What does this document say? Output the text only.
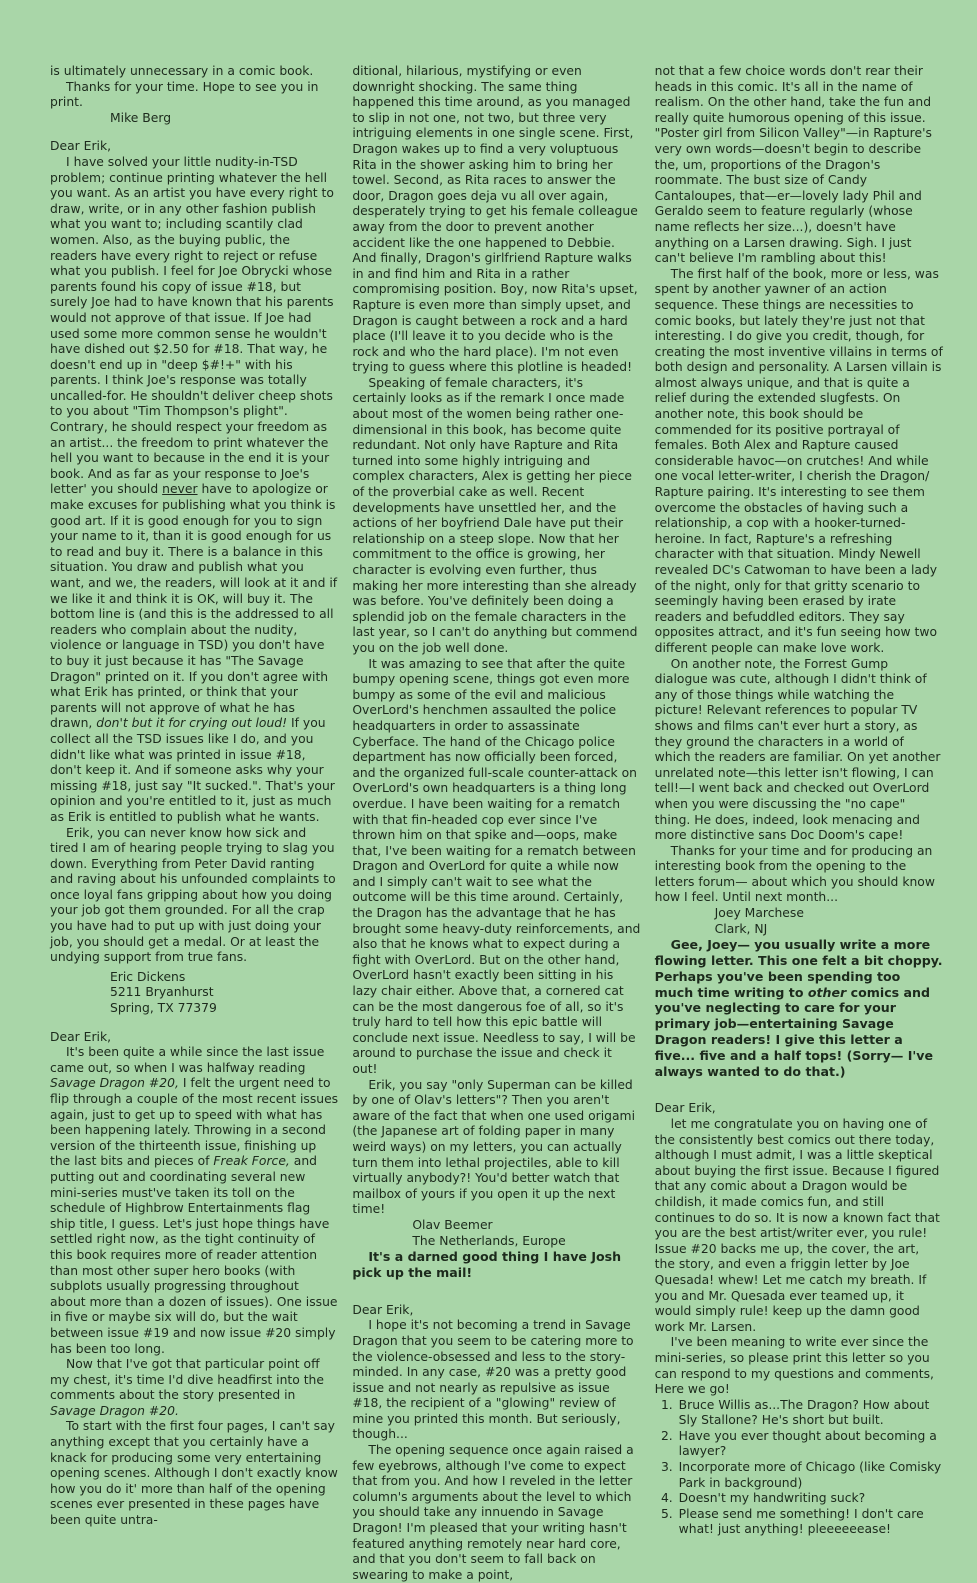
is ultimately unnecessary in a comic book.

Thanks for your time. Hope to see you in print.

Mike Berg

Dear Erik,

I have solved your little nudity-in-TSD problem; continue printing whatever the hell you want. As an artist you have every right to draw, write, or in any other fashion publish what you want to; including scantily clad women. Also, as the buying public, the readers have every right to reject or refuse what you publish. I feel for Joe Obrycki whose parents found his copy of issue #18, but surely Joe had to have known that his parents would not approve of that issue. If Joe had used some more common sense he wouldn't have dished out $2.50 for #18. That way, he doesn't end up in "deep $#!+" with his parents. I think Joe's response was totally uncalled-for. He shouldn't deliver cheep shots to you about "Tim Thompson's plight". Contrary, he should respect your freedom as an artist... the freedom to print whatever the hell you want to because in the end it is your book. And as far as your response to Joe's letter' you should never have to apologize or make excuses for publishing what you think is good art. If it is good enough for you to sign your name to it, than it is good enough for us to read and buy it. There is a balance in this situation. You draw and publish what you want, and we, the readers, will look at it and if we like it and think it is OK, will buy it. The bottom line is (and this is the addressed to all readers who complain about the nudity, violence or language in TSD) you don't have to buy it just because it has "The Savage Dragon" printed on it. If you don't agree with what Erik has printed, or think that your parents will not approve of what he has drawn, don't but it for crying out loud! If you collect all the TSD issues like I do, and you didn't like what was printed in issue #18, don't keep it. And if someone asks why your missing #18, just say "It sucked.". That's your opinion and you're entitled to it, just as much as Erik is entitled to publish what he wants.

Erik, you can never know how sick and tired I am of hearing people trying to slag you down. Everything from Peter David ranting and raving about his unfounded complaints to once loyal fans gripping about how you doing your job got them grounded. For all the crap you have had to put up with just doing your job, you should get a medal. Or at least the undying support from true fans.

Eric Dickens
5211 Bryanhurst
Spring, TX 77379

Dear Erik,

It's been quite a while since the last issue came out, so when I was halfway reading Savage Dragon #20, I felt the urgent need to flip through a couple of the most recent issues again, just to get up to speed with what has been happening lately. Throwing in a second version of the thirteenth issue, finishing up the last bits and pieces of Freak Force, and putting out and coordinating several new mini-series must've taken its toll on the schedule of Highbrow Entertainments flag ship title, I guess. Let's just hope things have settled right now, as the tight continuity of this book requires more of reader attention than most other super hero books (with subplots usually progressing throughout about more than a dozen of issues). One issue in five or maybe six will do, but the wait between issue #19 and now issue #20 simply has been too long.

Now that I've got that particular point off my chest, it's time I'd dive headfirst into the comments about the story presented in Savage Dragon #20.

To start with the first four pages, I can't say anything except that you certainly have a knack for producing some very entertaining opening scenes. Although I don't exactly know how you do it' more than half of the opening scenes ever presented in these pages have been quite untra-

ditional, hilarious, mystifying or even downright shocking. The same thing happened this time around, as you managed to slip in not one, not two, but three very intriguing elements in one single scene. First, Dragon wakes up to find a very voluptuous Rita in the shower asking him to bring her towel. Second, as Rita races to answer the door, Dragon goes deja vu all over again, desperately trying to get his female colleague away from the door to prevent another accident like the one happened to Debbie. And finally, Dragon's girlfriend Rapture walks in and find him and Rita in a rather compromising position. Boy, now Rita's upset, Rapture is even more than simply upset, and Dragon is caught between a rock and a hard place (I'll leave it to you decide who is the rock and who the hard place). I'm not even trying to guess where this plotline is headed!

Speaking of female characters, it's certainly looks as if the remark I once made about most of the women being rather one-dimensional in this book, has become quite redundant. Not only have Rapture and Rita turned into some highly intriguing and complex characters, Alex is getting her piece of the proverbial cake as well. Recent developments have unsettled her, and the actions of her boyfriend Dale have put their relationship on a steep slope. Now that her commitment to the office is growing, her character is evolving even further, thus making her more interesting than she already was before. You've definitely been doing a splendid job on the female characters in the last year, so I can't do anything but commend you on the job well done.

It was amazing to see that after the quite bumpy opening scene, things got even more bumpy as some of the evil and malicious OverLord's henchmen assaulted the police headquarters in order to assassinate Cyberface. The hand of the Chicago police department has now officially been forced, and the organized full-scale counter-attack on OverLord's own headquarters is a thing long overdue. I have been waiting for a rematch with that fin-headed cop ever since I've thrown him on that spike and—oops, make that, I've been waiting for a rematch between Dragon and OverLord for quite a while now and I simply can't wait to see what the outcome will be this time around. Certainly, the Dragon has the advantage that he has brought some heavy-duty reinforcements, and also that he knows what to expect during a fight with OverLord. But on the other hand, OverLord hasn't exactly been sitting in his lazy chair either. Above that, a cornered cat can be the most dangerous foe of all, so it's truly hard to tell how this epic battle will conclude next issue. Needless to say, I will be around to purchase the issue and check it out!

Erik, you say "only Superman can be killed by one of Olav's letters"? Then you aren't aware of the fact that when one used origami (the Japanese art of folding paper in many weird ways) on my letters, you can actually turn them into lethal projectiles, able to kill virtually anybody?! You'd better watch that mailbox of yours if you open it up the next time!

Olav Beemer
The Netherlands, Europe

It's a darned good thing I have Josh pick up the mail!

Dear Erik,

I hope it's not becoming a trend in Savage Dragon that you seem to be catering more to the violence-obsessed and less to the story-minded. In any case, #20 was a pretty good issue and not nearly as repulsive as issue #18, the recipient of a "glowing" review of mine you printed this month. But seriously, though...

The opening sequence once again raised a few eyebrows, although I've come to expect that from you. And how I reveled in the letter column's arguments about the level to which you should take any innuendo in Savage Dragon! I'm pleased that your writing hasn't featured anything remotely near hard core, and that you don't seem to fall back on swearing to make a point,

not that a few choice words don't rear their heads in this comic. It's all in the name of realism. On the other hand, take the fun and really quite humorous opening of this issue. "Poster girl from Silicon Valley"—in Rapture's very own words—doesn't begin to describe the, um, proportions of the Dragon's roommate. The bust size of Candy Cantaloupes, that—er—lovely lady Phil and Geraldo seem to feature regularly (whose name reflects her size...), doesn't have anything on a Larsen drawing. Sigh. I just can't believe I'm rambling about this!

The first half of the book, more or less, was spent by another yawner of an action sequence. These things are necessities to comic books, but lately they're just not that interesting. I do give you credit, though, for creating the most inventive villains in terms of both design and personality. A Larsen villain is almost always unique, and that is quite a relief during the extended slugfests. On another note, this book should be commended for its positive portrayal of females. Both Alex and Rapture caused considerable havoc—on crutches! And while one vocal letter-writer, I cherish the Dragon/ Rapture pairing. It's interesting to see them overcome the obstacles of having such a relationship, a cop with a hooker-turned-heroine. In fact, Rapture's a refreshing character with that situation. Mindy Newell revealed DC's Catwoman to have been a lady of the night, only for that gritty scenario to seemingly having been erased by irate readers and befuddled editors. They say opposites attract, and it's fun seeing how two different people can make love work.

On another note, the Forrest Gump dialogue was cute, although I didn't think of any of those things while watching the picture! Relevant references to popular TV shows and films can't ever hurt a story, as they ground the characters in a world of which the readers are familiar. On yet another unrelated note—this letter isn't flowing, I can tell!—I went back and checked out OverLord when you were discussing the "no cape" thing. He does, indeed, look menacing and more distinctive sans Doc Doom's cape!

Thanks for your time and for producing an interesting book from the opening to the letters forum— about which you should know how I feel. Until next month...

Joey Marchese
Clark, NJ

Gee, Joey— you usually write a more flowing letter. This one felt a bit choppy. Perhaps you've been spending too much time writing to other comics and you've neglecting to care for your primary job—entertaining Savage Dragon readers! I give this letter a five... five and a half tops! (Sorry— I've always wanted to do that.)

Dear Erik,

let me congratulate you on having one of the consistently best comics out there today, although I must admit, I was a little skeptical about buying the first issue. Because I figured that any comic about a Dragon would be childish, it made comics fun, and still continues to do so. It is now a known fact that you are the best artist/writer ever, you rule! Issue #20 backs me up, the cover, the art, the story, and even a friggin letter by Joe Quesada! whew! Let me catch my breath. If you and Mr. Quesada ever teamed up, it would simply rule! keep up the damn good work Mr. Larsen.

I've been meaning to write ever since the mini-series, so please print this letter so you can respond to my questions and comments, Here we go!

1. Bruce Willis as...The Dragon? How about Sly Stallone? He's short but built.
2. Have you ever thought about becoming a lawyer?
3. Incorporate more of Chicago (like Comisky Park in background)
4. Doesn't my handwriting suck?
5. Please send me something! I don't care what! just anything! pleeeeeease!
